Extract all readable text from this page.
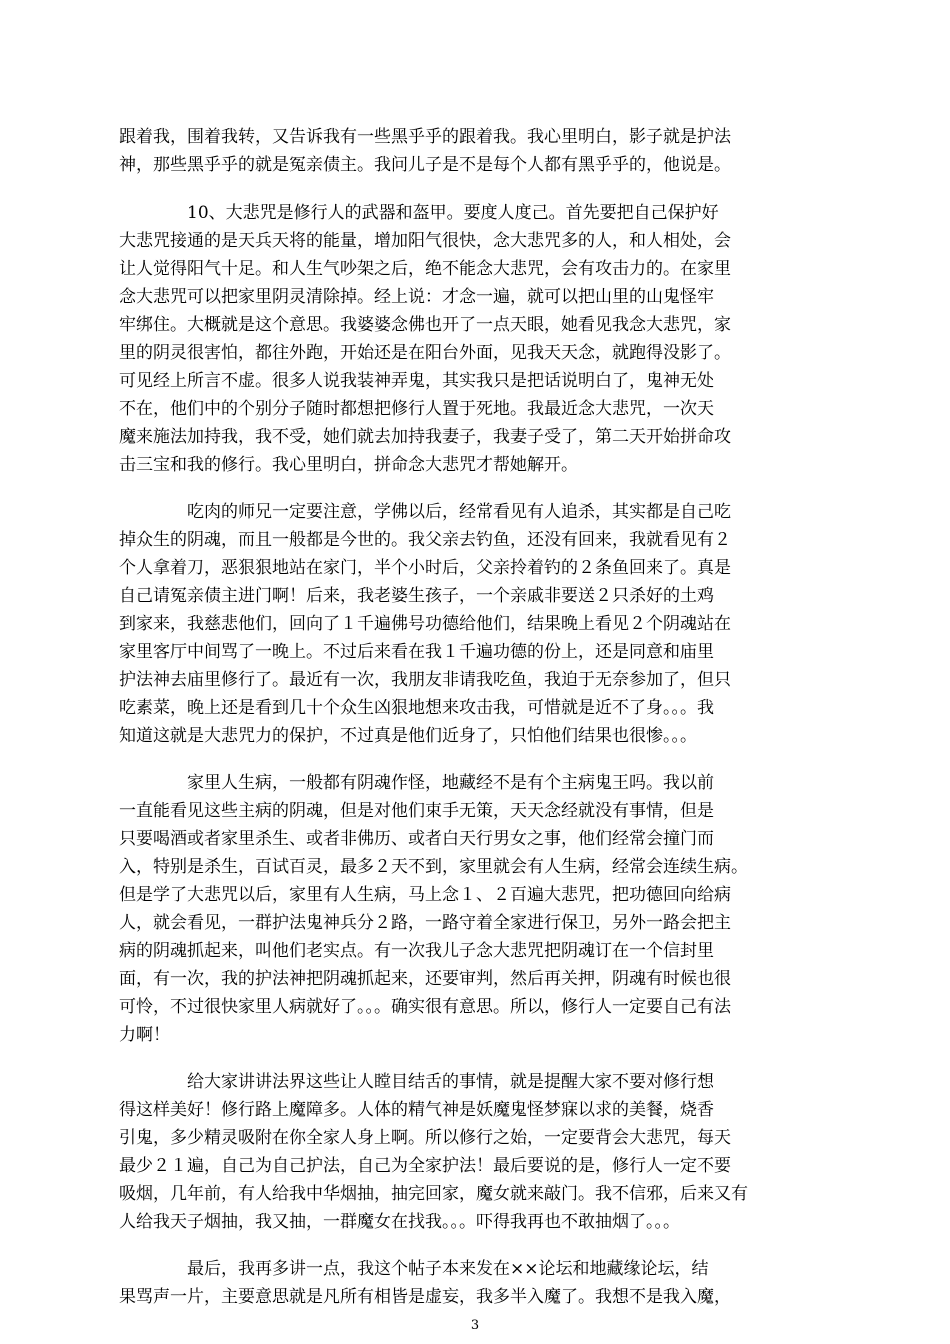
跟着我，围着我转，又告诉我有一些黑乎乎的跟着我。我心里明白，影子就是护法
神，那些黑乎乎的就是冤亲债主。我问儿子是不是每个人都有黑乎乎的，他说是。
　　　　10、大悲咒是修行人的武器和盔甲。要度人度己。首先要把自己保护好
大悲咒接通的是天兵天将的能量，增加阳气很快，念大悲咒多的人，和人相处，会
让人觉得阳气十足。和人生气吵架之后，绝不能念大悲咒，会有攻击力的。在家里
念大悲咒可以把家里阴灵清除掉。经上说：才念一遍，就可以把山里的山鬼怪牢
牢绑住。大概就是这个意思。我婆婆念佛也开了一点天眼，她看见我念大悲咒，家
里的阴灵很害怕，都往外跑，开始还是在阳台外面，见我天天念，就跑得没影了。
可见经上所言不虚。很多人说我装神弄鬼，其实我只是把话说明白了，鬼神无处
不在，他们中的个别分子随时都想把修行人置于死地。我最近念大悲咒，一次天
魔来施法加持我，我不受，她们就去加持我妻子，我妻子受了，第二天开始拼命攻
击三宝和我的修行。我心里明白，拼命念大悲咒才帮她解开。
　　　　吃肉的师兄一定要注意，学佛以后，经常看见有人追杀，其实都是自己吃
掉众生的阴魂，而且一般都是今世的。我父亲去钓鱼，还没有回来，我就看见有２
个人拿着刀，恶狠狠地站在家门，半个小时后，父亲拎着钓的２条鱼回来了。真是
自己请冤亲债主进门啊！后来，我老婆生孩子，一个亲戚非要送２只杀好的土鸡
到家来，我慈悲他们，回向了１千遍佛号功德给他们，结果晚上看见２个阴魂站在
家里客厅中间骂了一晚上。不过后来看在我１千遍功德的份上，还是同意和庙里
护法神去庙里修行了。最近有一次，我朋友非请我吃鱼，我迫于无奈参加了，但只
吃素菜，晚上还是看到几十个众生凶狠地想来攻击我，可惜就是近不了身。。。我
知道这就是大悲咒力的保护，不过真是他们近身了，只怕他们结果也很惨。。。
　　　　家里人生病，一般都有阴魂作怪，地藏经不是有个主病鬼王吗。我以前
一直能看见这些主病的阴魂，但是对他们束手无策，天天念经就没有事情，但是
只要喝酒或者家里杀生、或者非佛历、或者白天行男女之事，他们经常会撞门而
入，特别是杀生，百试百灵，最多２天不到，家里就会有人生病，经常会连续生病。
但是学了大悲咒以后，家里有人生病，马上念１、２百遍大悲咒，把功德回向给病
人，就会看见，一群护法鬼神兵分２路，一路守着全家进行保卫，另外一路会把主
病的阴魂抓起来，叫他们老实点。有一次我儿子念大悲咒把阴魂订在一个信封里
面，有一次，我的护法神把阴魂抓起来，还要审判，然后再关押，阴魂有时候也很
可怜，不过很快家里人病就好了。。。确实很有意思。所以，修行人一定要自己有法
力啊！
　　　　给大家讲讲法界这些让人瞠目结舌的事情，就是提醒大家不要对修行想
得这样美好！修行路上魔障多。人体的精气神是妖魔鬼怪梦寐以求的美餐，烧香
引鬼，多少精灵吸附在你全家人身上啊。所以修行之始，一定要背会大悲咒，每天
最少２１遍，自己为自己护法，自己为全家护法！最后要说的是，修行人一定不要
吸烟，几年前，有人给我中华烟抽，抽完回家，魔女就来敲门。我不信邪，后来又有
人给我天子烟抽，我又抽，一群魔女在找我。。。吓得我再也不敢抽烟了。。。
　　　　最后，我再多讲一点，我这个帖子本来发在××论坛和地藏缘论坛，结
果骂声一片，主要意思就是凡所有相皆是虚妄，我多半入魔了。我想不是我入魔，
3
